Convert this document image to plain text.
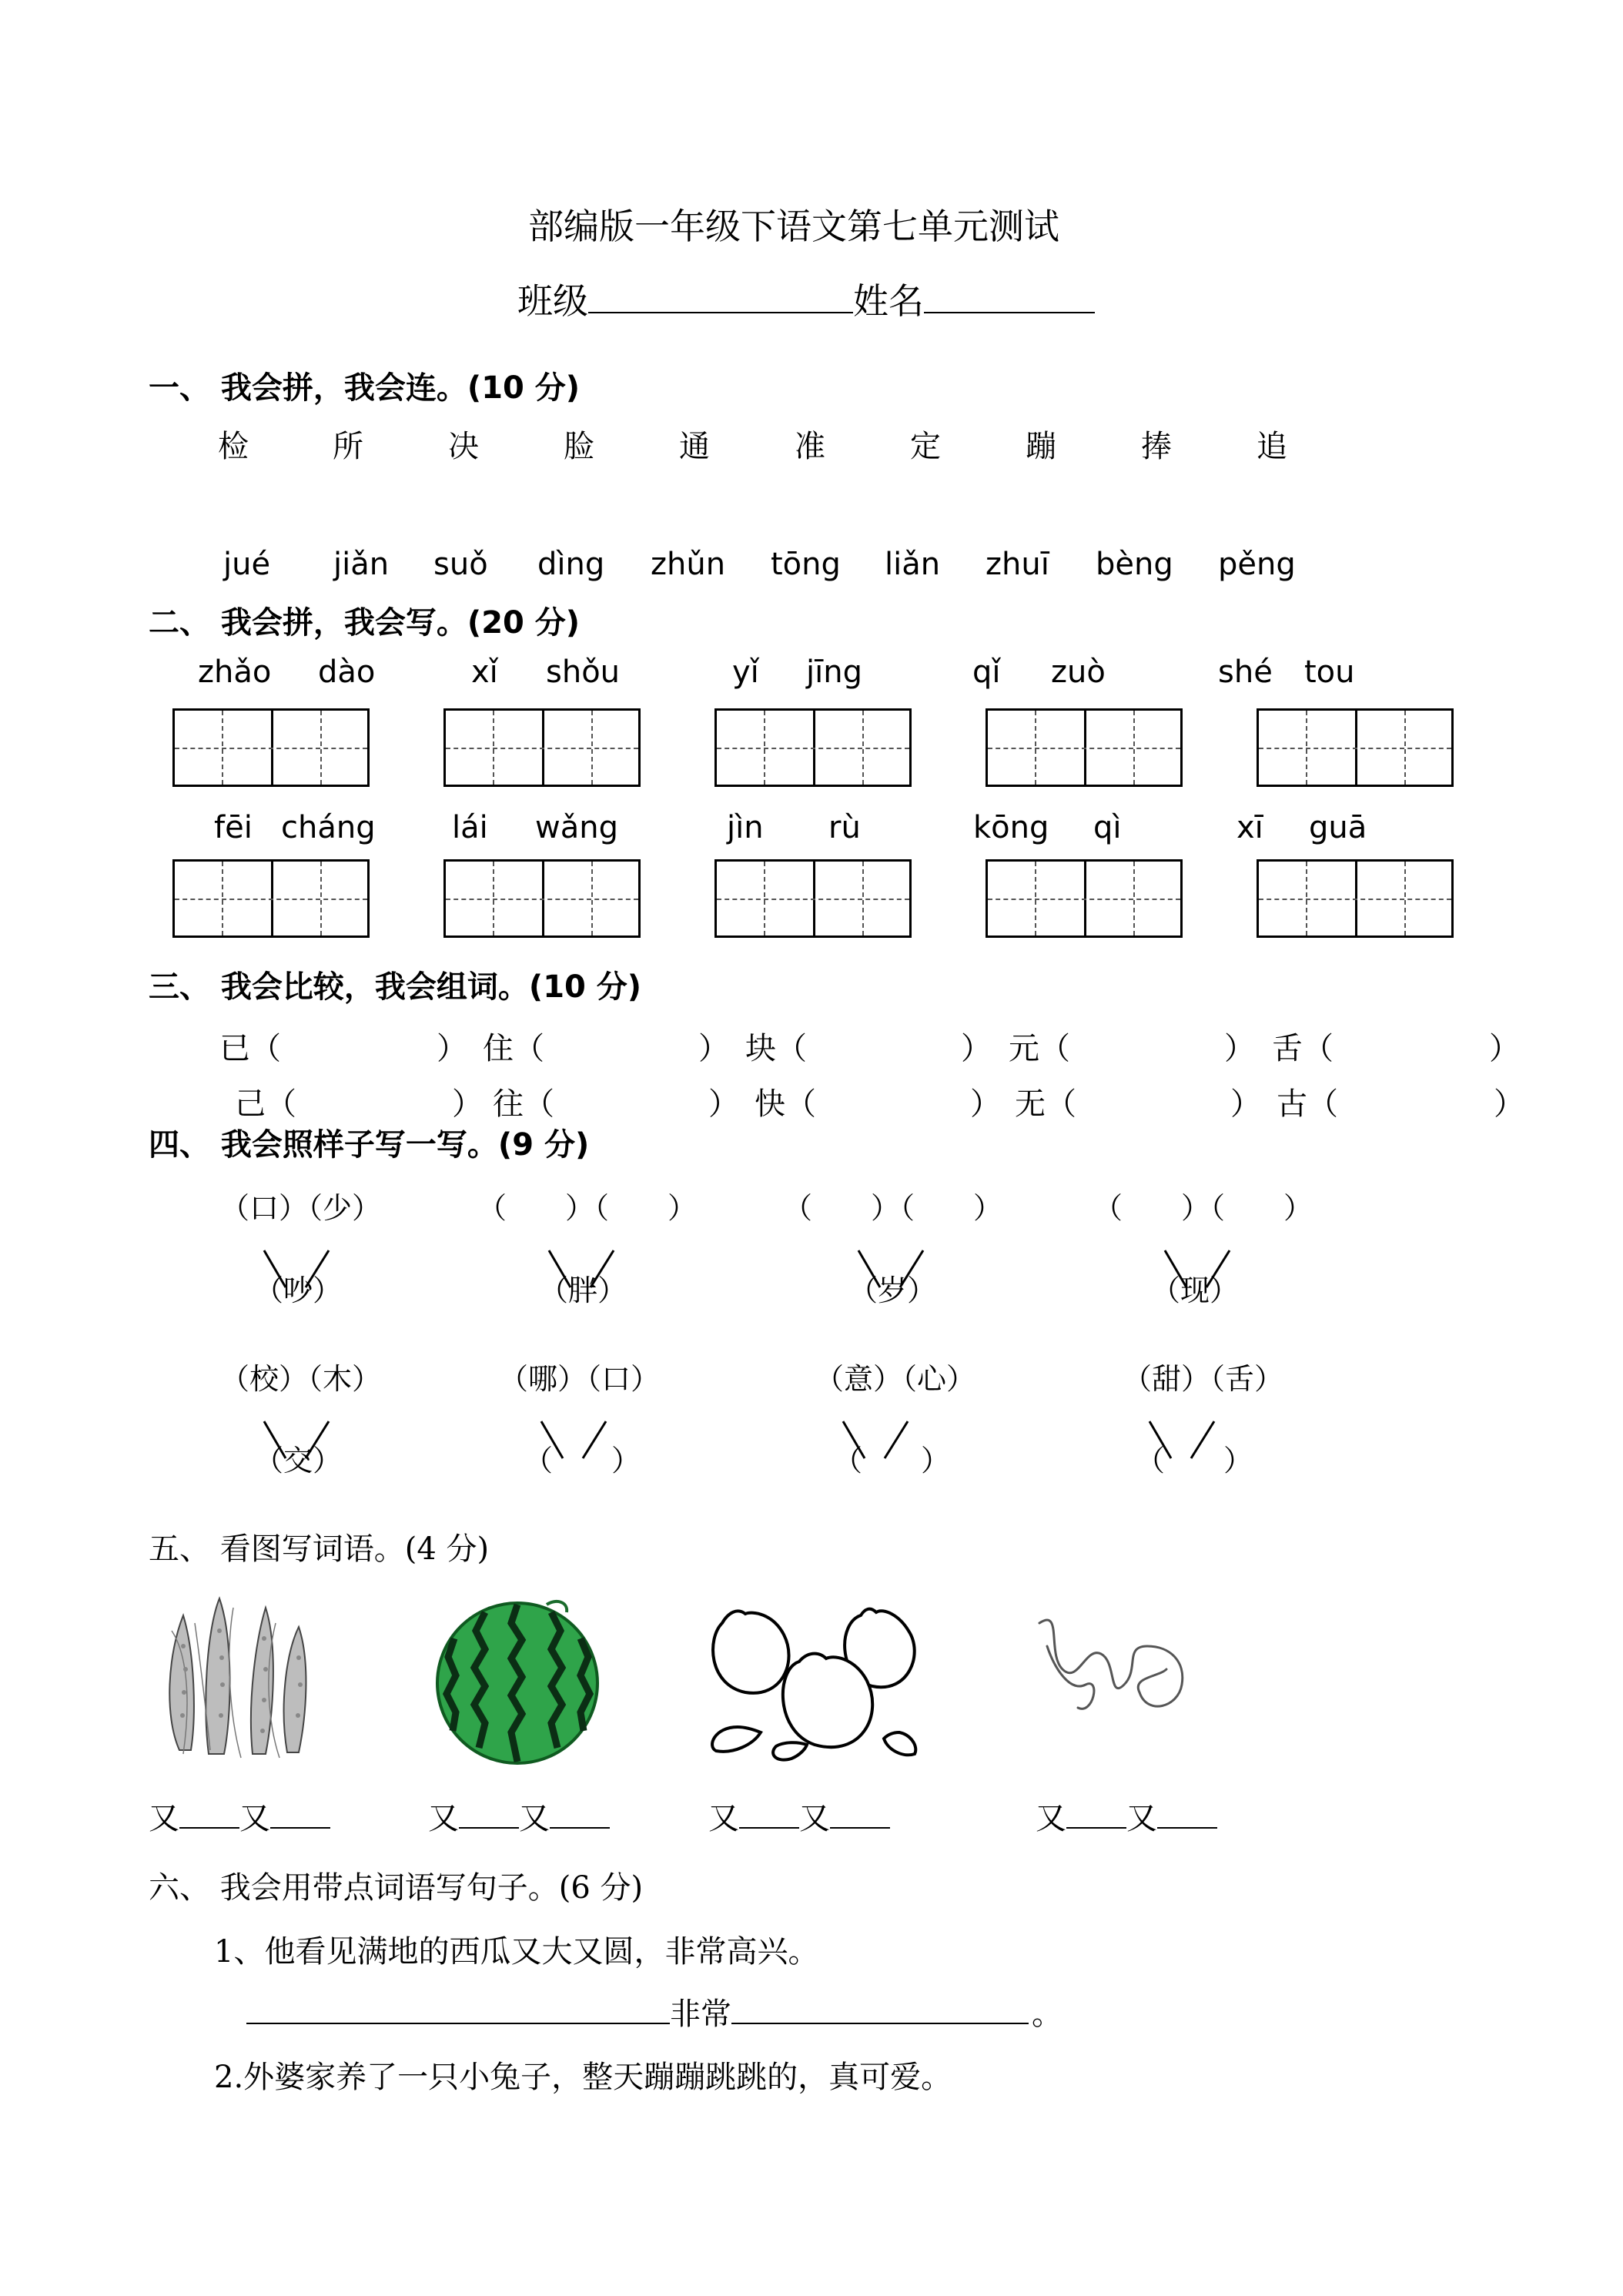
部编版一年级下语文第七单元测试
班级	姓名
一、 我会拼，我会连。(10 分)
检	所	决	脸	通	准	定	蹦	捧	追
jué jiǎn suǒ dìng zhǔn tōng liǎn zhuī bèng pěng
二、 我会拼，我会写。(20 分)
zhǎo dào	xǐ shǒu	yǐ jīng	qǐ zuò	shé tou
fēi cháng lái wǎng	jìn rù	kōng qì	xī guā
三、 我会比较，我会组词。(10 分)
已（	） 住（	） 块（	） 元（	） 舌（	）
己（	） 往（	） 快（	） 无（	） 古（	）
四、 我会照样子写一写。(9 分)
（口）（少）
（吵）
（　　）（　　）
（胖）
（　　）（　　）
（岁）
（　　）（　　）
（现）
（校）（木）
（交）
（哪）（口）
（　　）
（意）（心）
（　　）
（甜）（舌）
（　　）
五、 看图写词语。(4 分)
又 又	又 又	又 又	又 又
六、 我会用带点词语写句子。(6 分)
1、他看见满地的西瓜又大又圆，非常高兴。
非常	。
2.外婆家养了一只小兔子，整天蹦蹦跳跳的，真可爱。
